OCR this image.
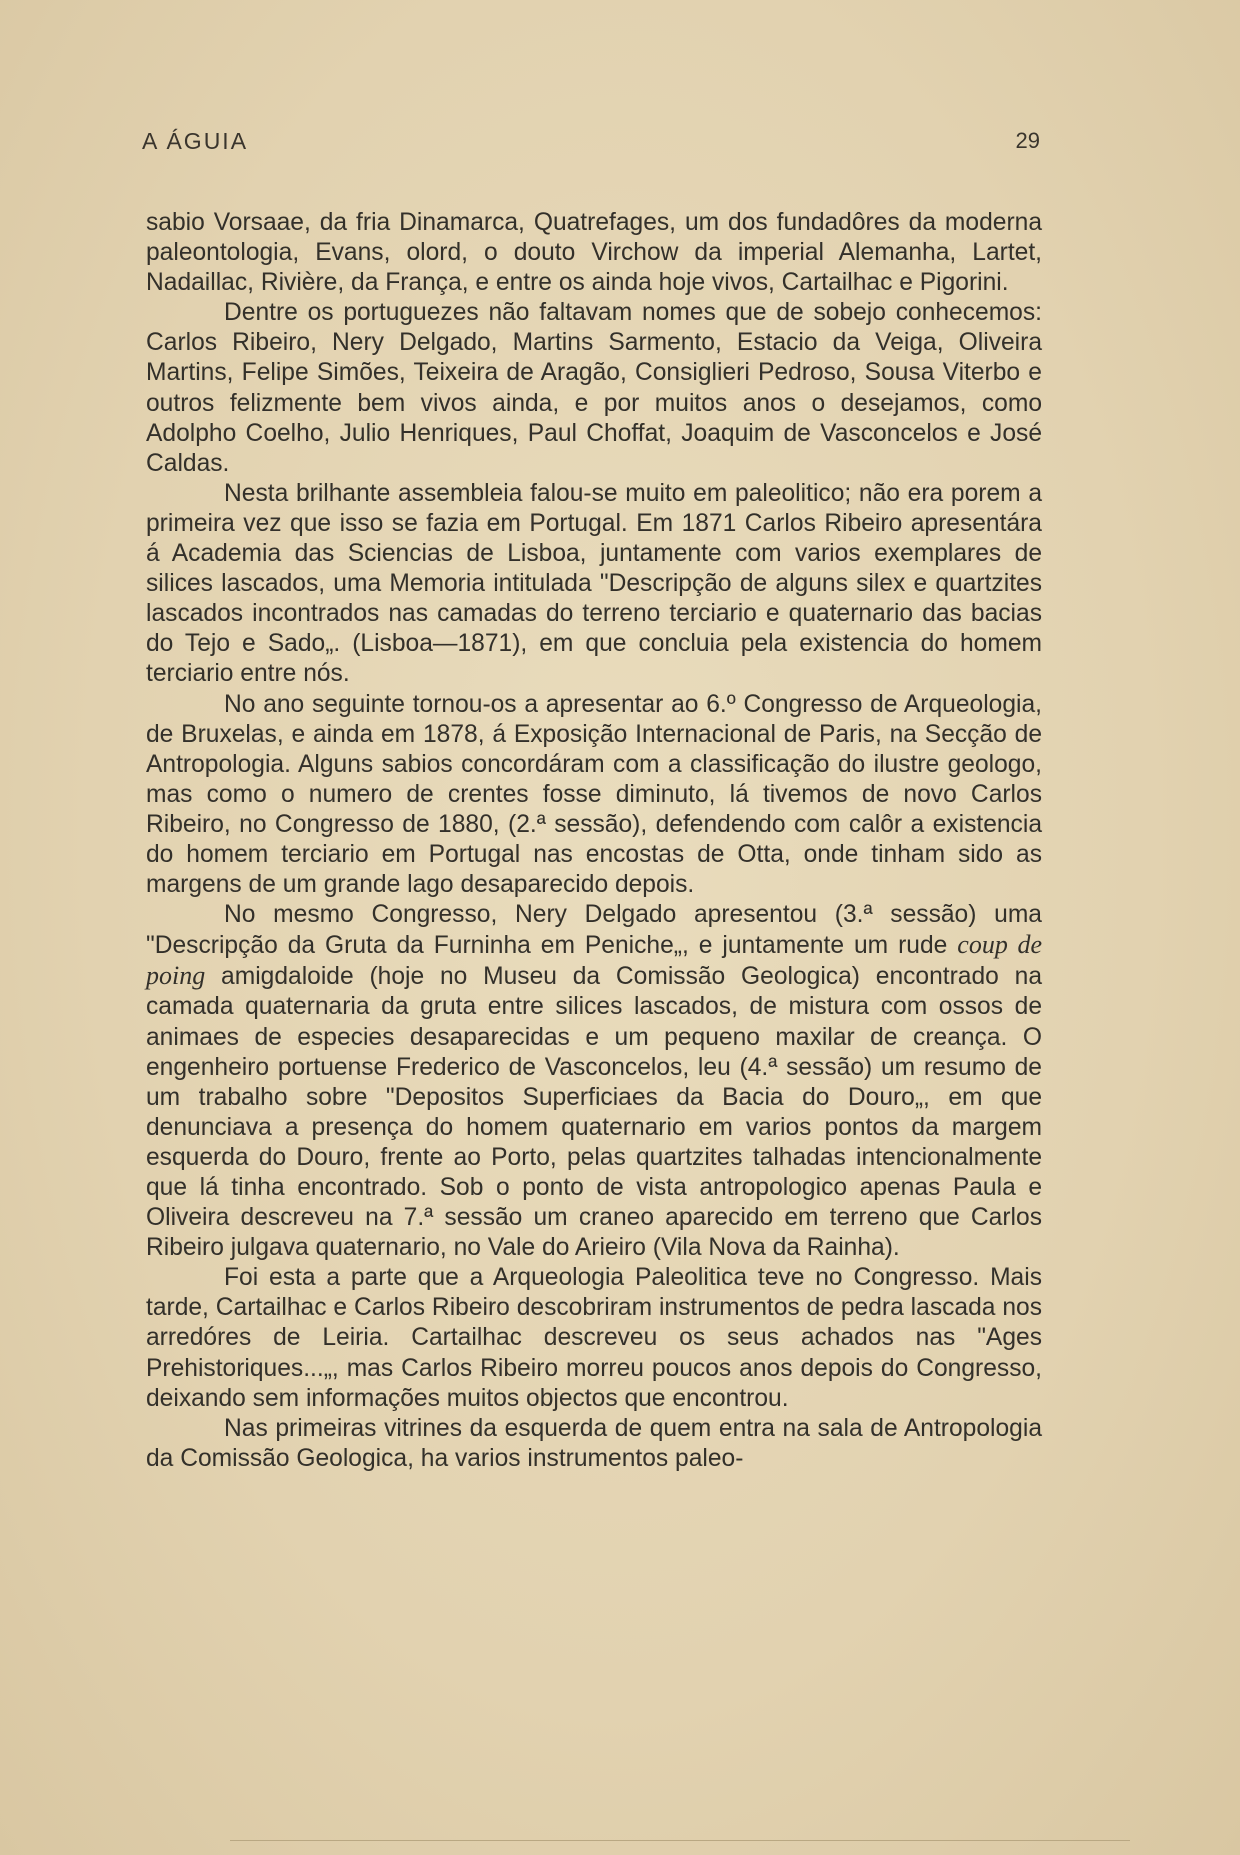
A ÁGUIA	29

sabio Vorsaae, da fria Dinamarca, Quatrefages, um dos fundadôres da moderna paleontologia, Evans, olord, o douto Virchow da imperial Alemanha, Lartet, Nadaillac, Rivière, da França, e entre os ainda hoje vivos, Cartailhac e Pigorini.

Dentre os portuguezes não faltavam nomes que de sobejo conhecemos: Carlos Ribeiro, Nery Delgado, Martins Sarmento, Estacio da Veiga, Oliveira Martins, Felipe Simões, Teixeira de Aragão, Consiglieri Pedroso, Sousa Viterbo e outros felizmente bem vivos ainda, e por muitos anos o desejamos, como Adolpho Coelho, Julio Henriques, Paul Choffat, Joaquim de Vasconcelos e José Caldas.

Nesta brilhante assembleia falou-se muito em paleolitico; não era porem a primeira vez que isso se fazia em Portugal. Em 1871 Carlos Ribeiro apresentára á Academia das Sciencias de Lisboa, juntamente com varios exemplares de silices lascados, uma Memoria intitulada "Descripção de alguns silex e quartzites lascados incontrados nas camadas do terreno terciario e quaternario das bacias do Tejo e Sado„. (Lisboa—1871), em que concluia pela existencia do homem terciario entre nós.

No ano seguinte tornou-os a apresentar ao 6.º Congresso de Arqueologia, de Bruxelas, e ainda em 1878, á Exposição Internacional de Paris, na Secção de Antropologia. Alguns sabios concordáram com a classificação do ilustre geologo, mas como o numero de crentes fosse diminuto, lá tivemos de novo Carlos Ribeiro, no Congresso de 1880, (2.ª sessão), defendendo com calôr a existencia do homem terciario em Portugal nas encostas de Otta, onde tinham sido as margens de um grande lago desaparecido depois.

No mesmo Congresso, Nery Delgado apresentou (3.ª sessão) uma "Descripção da Gruta da Furninha em Peniche„, e juntamente um rude coup de poing amigdaloide (hoje no Museu da Comissão Geologica) encontrado na camada quaternaria da gruta entre silices lascados, de mistura com ossos de animaes de especies desaparecidas e um pequeno maxilar de creança. O engenheiro portuense Frederico de Vasconcelos, leu (4.ª sessão) um resumo de um trabalho sobre "Depositos Superficiaes da Bacia do Douro„, em que denunciava a presença do homem quaternario em varios pontos da margem esquerda do Douro, frente ao Porto, pelas quartzites talhadas intencionalmente que lá tinha encontrado. Sob o ponto de vista antropologico apenas Paula e Oliveira descreveu na 7.ª sessão um craneo aparecido em terreno que Carlos Ribeiro julgava quaternario, no Vale do Arieiro (Vila Nova da Rainha).

Foi esta a parte que a Arqueologia Paleolitica teve no Congresso. Mais tarde, Cartailhac e Carlos Ribeiro descobriram instrumentos de pedra lascada nos arredóres de Leiria. Cartailhac descreveu os seus achados nas "Ages Prehistoriques...„, mas Carlos Ribeiro morreu poucos anos depois do Congresso, deixando sem informações muitos objectos que encontrou.

Nas primeiras vitrines da esquerda de quem entra na sala de Antropologia da Comissão Geologica, ha varios instrumentos paleo-
